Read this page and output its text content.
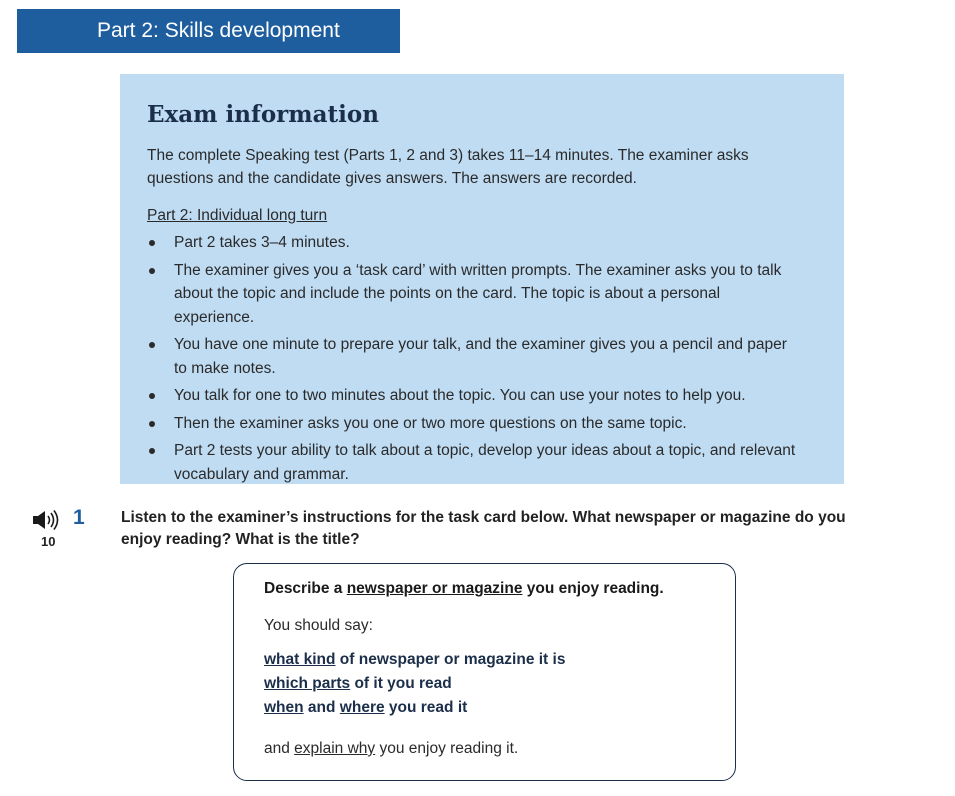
Part 2: Skills development
Exam information

The complete Speaking test (Parts 1, 2 and 3) takes 11–14 minutes. The examiner asks questions and the candidate gives answers. The answers are recorded.

Part 2: Individual long turn

Part 2 takes 3–4 minutes.
The examiner gives you a ‘task card’ with written prompts. The examiner asks you to talk about the topic and include the points on the card. The topic is about a personal experience.
You have one minute to prepare your talk, and the examiner gives you a pencil and paper to make notes.
You talk for one to two minutes about the topic. You can use your notes to help you.
Then the examiner asks you one or two more questions on the same topic.
Part 2 tests your ability to talk about a topic, develop your ideas about a topic, and relevant vocabulary and grammar.
1
10

Listen to the examiner’s instructions for the task card below. What newspaper or magazine do you enjoy reading? What is the title?

Describe a newspaper or magazine you enjoy reading.

You should say:

what kind of newspaper or magazine it is

which parts of it you read

when and where you read it

and explain why you enjoy reading it.
